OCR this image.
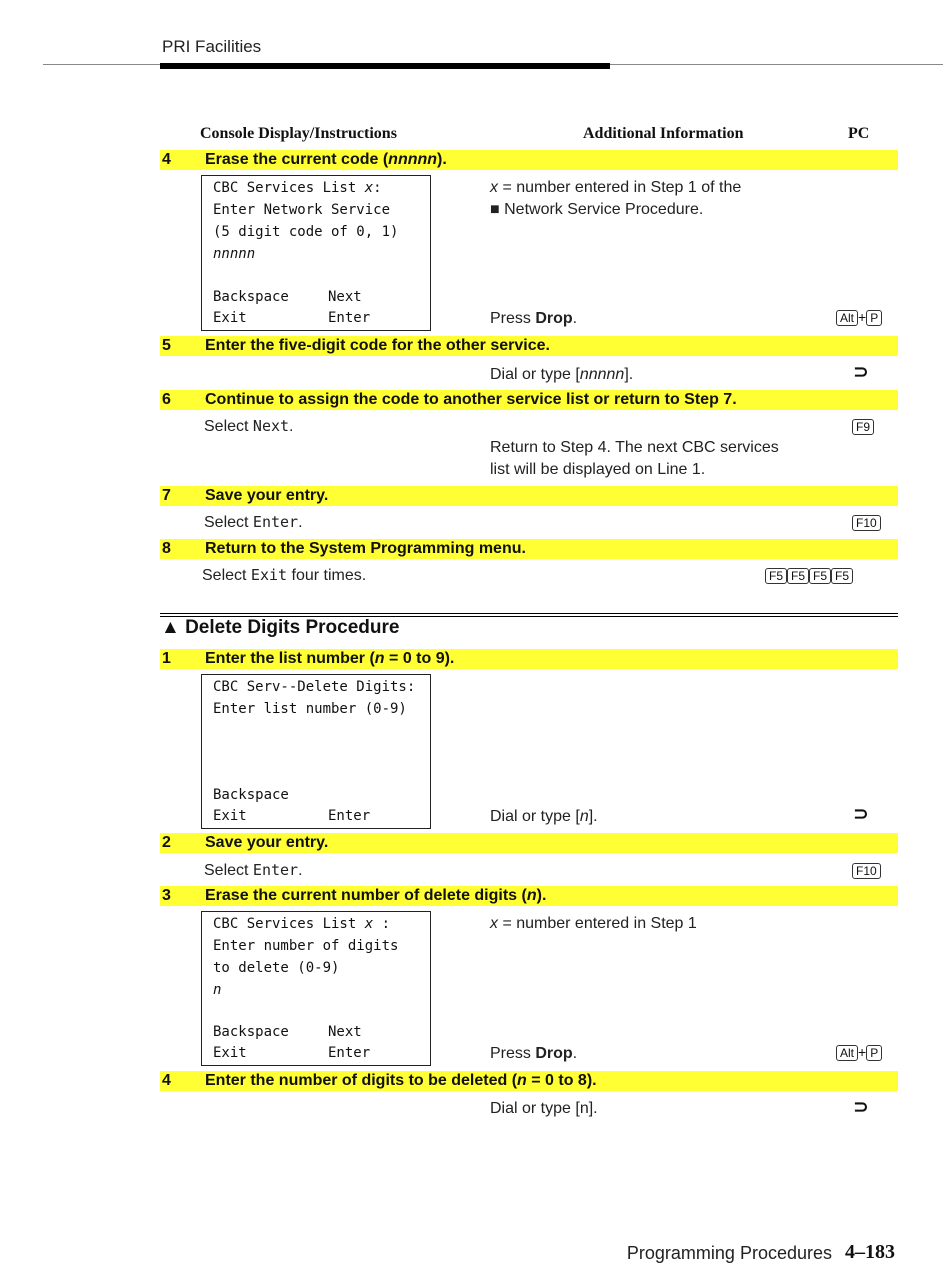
PRI Facilities
Console Display/Instructions	Additional Information	PC
4 Erase the current code (nnnnn).
CBC Services List x:
Enter Network Service
(5 digit code of 0, 1)
nnnnn
Backspace	Next
Exit	Enter
x = number entered in Step 1 of the
■ Network Service Procedure.
Press Drop.	Alt + P
5 Enter the five-digit code for the other service.
Dial or type [nnnnn].	⊃
6 Continue to assign the code to another service list or return to Step 7.
Select Next.	F9
Return to Step 4. The next CBC services
list will be displayed on Line 1.
7 Save your entry.
Select Enter.	F10
8 Return to the System Programming menu.
Select Exit four times.	F5 F5 F5 F5
▲ Delete Digits Procedure
1 Enter the list number (n = 0 to 9).
CBC Serv--Delete Digits:
Enter list number (0-9)
Backspace
Exit	Enter	Dial or type [n].	⊃
2 Save your entry.
Select Enter.	F10
3 Erase the current number of delete digits (n).
CBC Services List x :
Enter number of digits
to delete (0-9)
n
Backspace	Next
Exit	Enter
x = number entered in Step 1
Press Drop.	Alt + P
4 Enter the number of digits to be deleted (n = 0 to 8).
Dial or type [n].	⊃
Programming Procedures 4–183
